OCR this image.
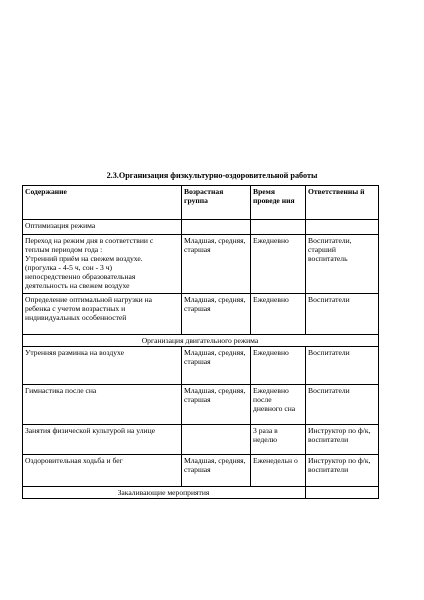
2.3.Организация физкультурно-оздоровительной работы

Содержание	Возрастная группа	Время проведе ния	Ответственны й
Оптимизация режима			
Переход на режим дня в соответствии с теплым периодом года :
Утренний приём на свежем воздухе.
(прогулка - 4-5 ч, сон - 3 ч)
непосредственно образовательная деятельность на свежем воздухе	Младшая, средняя, старшая	Ежедневно	Воспитатели, старший воспитатель
Определение оптимальной нагрузки на ребенка с учетом возрастных и индивидуальных особенностей	Младшая, средняя, старшая	Ежедневно	Воспитатели
Организация двигательного режима			
Утренняя разминка на воздухе	Младшая, средняя, старшая	Ежедневно	Воспитатели
Гимнастика после сна	Младшая, средняя, старшая	Ежедневно после дневного сна	Воспитатели
Занятия физической культурой на улице		3 раза в неделю	Инструктор по ф/к, воспитатели
Оздоровительная ходьба и бег	Младшая, средняя, старшая	Еженедельн о	Инструктор по ф/к, воспитатели
Закаливающие мероприятия			
